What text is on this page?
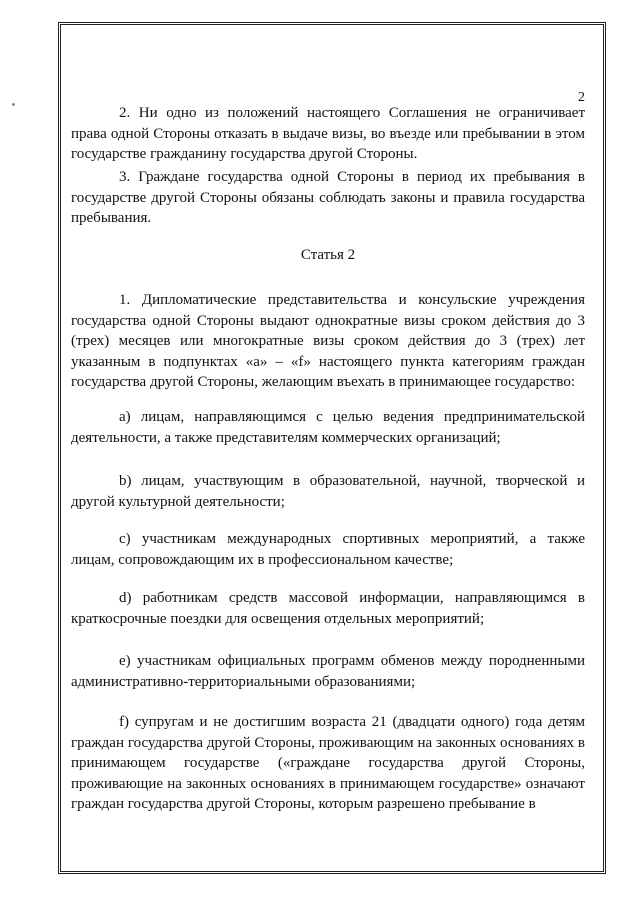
2

2. Ни одно из положений настоящего Соглашения не ограничивает права одной Стороны отказать в выдаче визы, во въезде или пребывании в этом государстве гражданину государства другой Стороны.

3. Граждане государства одной Стороны в период их пребывания в государстве другой Стороны обязаны соблюдать законы и правила государства пребывания.

Статья 2

1. Дипломатические представительства и консульские учреждения государства одной Стороны выдают однократные визы сроком действия до 3 (трех) месяцев или многократные визы сроком действия до 3 (трех) лет указанным в подпунктах «a» – «f» настоящего пункта категориям граждан государства другой Стороны, желающим въехать в принимающее государство:

a) лицам, направляющимся с целью ведения предпринимательской деятельности, а также представителям коммерческих организаций;

b) лицам, участвующим в образовательной, научной, творческой и другой культурной деятельности;

c) участникам международных спортивных мероприятий, а также лицам, сопровождающим их в профессиональном качестве;

d) работникам средств массовой информации, направляющимся в краткосрочные поездки для освещения отдельных мероприятий;

e) участникам официальных программ обменов между породненными административно-территориальными образованиями;

f) супругам и не достигшим возраста 21 (двадцати одного) года детям граждан государства другой Стороны, проживающим на законных основаниях в принимающем государстве («граждане государства другой Стороны, проживающие на законных основаниях в принимающем государстве» означают граждан государства другой Стороны, которым разрешено пребывание в
